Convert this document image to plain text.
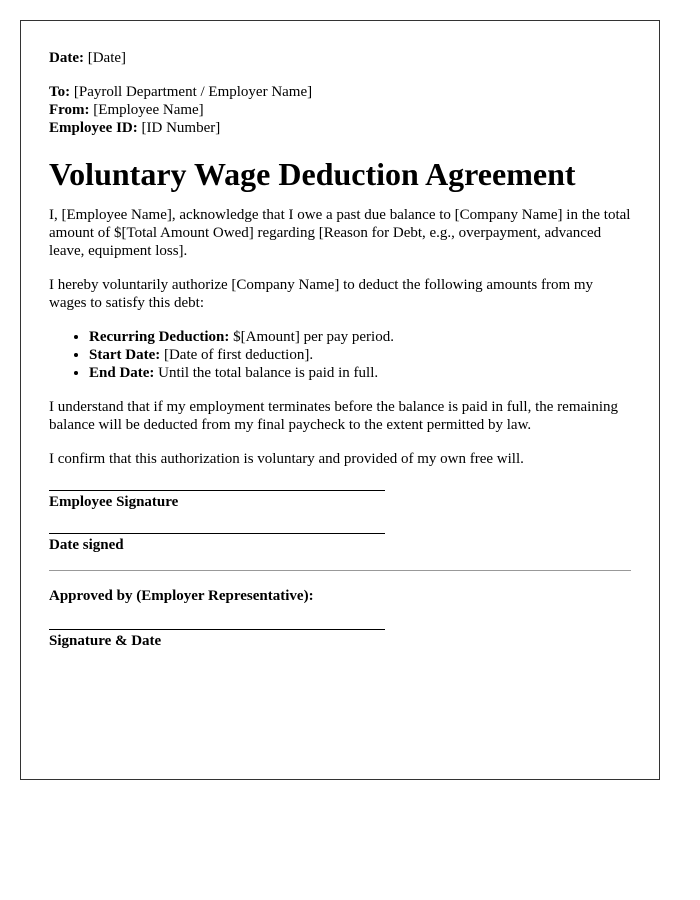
Date: [Date]
To: [Payroll Department / Employer Name]
From: [Employee Name]
Employee ID: [ID Number]
Voluntary Wage Deduction Agreement

I, [Employee Name], acknowledge that I owe a past due balance to [Company Name] in the total amount of $[Total Amount Owed] regarding [Reason for Debt, e.g., overpayment, advanced leave, equipment loss].

I hereby voluntarily authorize [Company Name] to deduct the following amounts from my wages to satisfy this debt:

• Recurring Deduction: $[Amount] per pay period.
• Start Date: [Date of first deduction].
• End Date: Until the total balance is paid in full.

I understand that if my employment terminates before the balance is paid in full, the remaining balance will be deducted from my final paycheck to the extent permitted by law.

I confirm that this authorization is voluntary and provided of my own free will.

Employee Signature
Date signed
Approved by (Employer Representative):
Signature & Date
